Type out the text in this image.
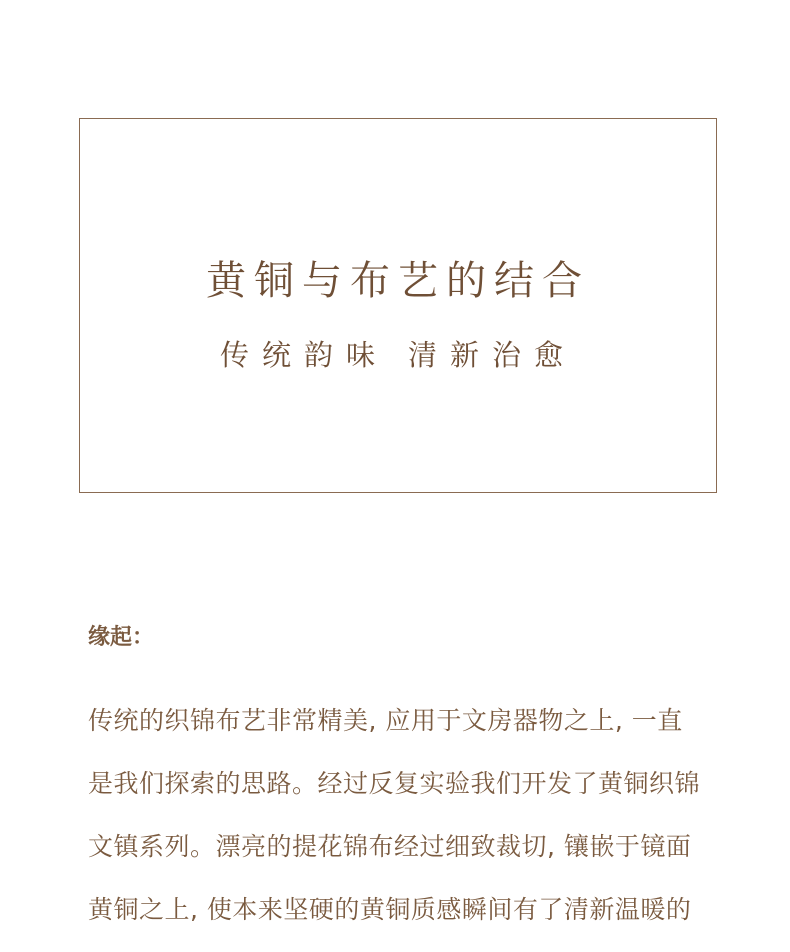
黄铜与布艺的结合
传统韵味 清新治愈
缘起：
传统的织锦布艺非常精美, 应用于文房器物之上, 一直
是我们探索的思路。经过反复实验我们开发了黄铜织锦
文镇系列。漂亮的提花锦布经过细致裁切, 镶嵌于镜面
黄铜之上, 使本来坚硬的黄铜质感瞬间有了清新温暖的
